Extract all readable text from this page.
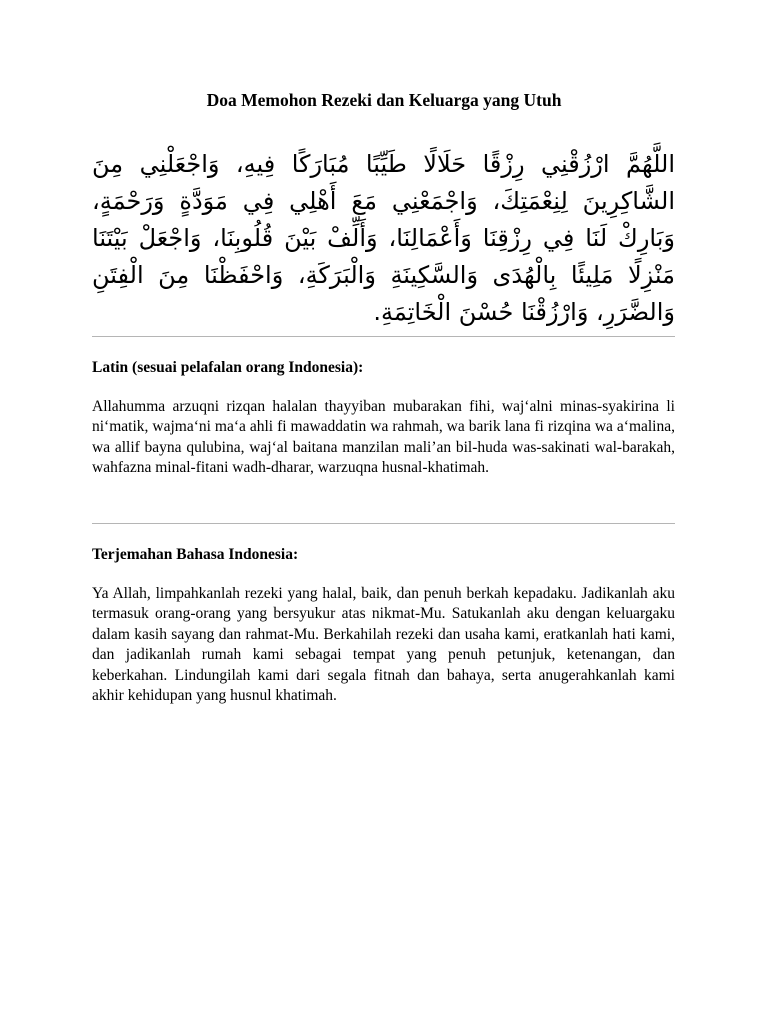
Doa Memohon Rezeki dan Keluarga yang Utuh

اللَّهُمَّ ارْزُقْنِي رِزْقًا حَلَالًا طَيِّبًا مُبَارَكًا فِيهِ، وَاجْعَلْنِي مِنَ الشَّاكِرِينَ لِنِعْمَتِكَ، وَاجْمَعْنِي مَعَ أَهْلِي فِي مَوَدَّةٍ وَرَحْمَةٍ، وَبَارِكْ لَنَا فِي رِزْقِنَا وَأَعْمَالِنَا، وَأَلِّفْ بَيْنَ قُلُوبِنَا، وَاجْعَلْ بَيْتَنَا مَنْزِلًا مَلِيئًا بِالْهُدَى وَالسَّكِينَةِ وَالْبَرَكَةِ، وَاحْفَظْنَا مِنَ الْفِتَنِ وَالضَّرَرِ، وَارْزُقْنَا حُسْنَ الْخَاتِمَةِ.

Latin (sesuai pelafalan orang Indonesia):

Allahumma arzuqni rizqan halalan thayyiban mubarakan fihi, waj‘alni minas-syakirina li ni‘matik, wajma‘ni ma‘a ahli fi mawaddatin wa rahmah, wa barik lana fi rizqina wa a‘malina, wa allif bayna qulubina, waj‘al baitana manzilan mali’an bil-huda was-sakinati wal-barakah, wahfazna minal-fitani wadh-dharar, warzuqna husnal-khatimah.

Terjemahan Bahasa Indonesia:

Ya Allah, limpahkanlah rezeki yang halal, baik, dan penuh berkah kepadaku. Jadikanlah aku termasuk orang-orang yang bersyukur atas nikmat-Mu. Satukanlah aku dengan keluargaku dalam kasih sayang dan rahmat-Mu. Berkahilah rezeki dan usaha kami, eratkanlah hati kami, dan jadikanlah rumah kami sebagai tempat yang penuh petunjuk, ketenangan, dan keberkahan. Lindungilah kami dari segala fitnah dan bahaya, serta anugerahkanlah kami akhir kehidupan yang husnul khatimah.
